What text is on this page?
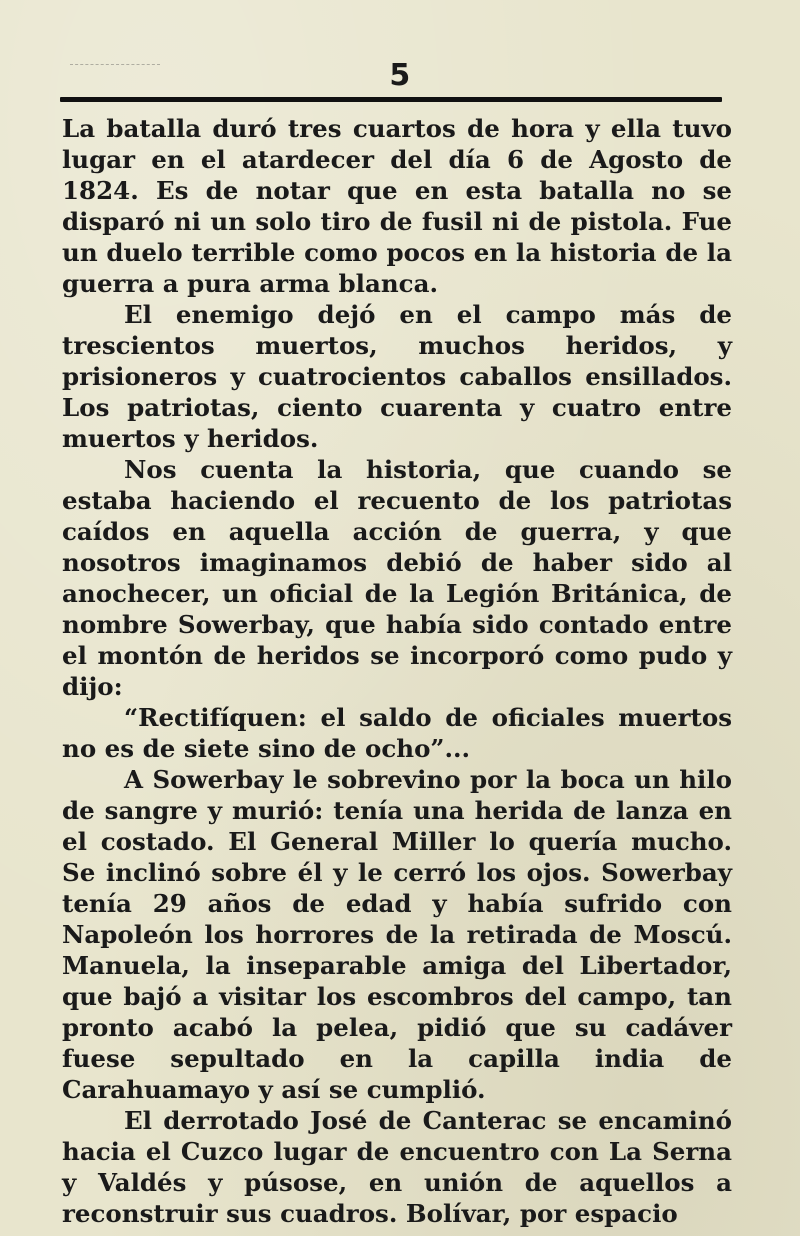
5

La batalla duró tres cuartos de hora y ella tuvo lugar en el atardecer del día 6 de Agosto de 1824. Es de notar que en esta batalla no se disparó ni un solo tiro de fusil ni de pistola. Fue un duelo terrible como pocos en la historia de la guerra a pura arma blanca.

El enemigo dejó en el campo más de trescientos muertos, muchos heridos, y prisioneros y cuatrocientos caballos ensillados. Los patriotas, ciento cuarenta y cuatro entre muertos y heridos.

Nos cuenta la historia, que cuando se estaba haciendo el recuento de los patriotas caídos en aquella acción de guerra, y que nosotros imaginamos debió de haber sido al anochecer, un oficial de la Legión Británica, de nombre Sowerbay, que había sido contado entre el montón de heridos se incorporó como pudo y dijo:

“Rectifíquen: el saldo de oficiales muertos no es de siete sino de ocho”...

A Sowerbay le sobrevino por la boca un hilo de sangre y murió: tenía una herida de lanza en el costado. El General Miller lo quería mucho. Se inclinó sobre él y le cerró los ojos. Sowerbay tenía 29 años de edad y había sufrido con Napoleón los horrores de la retirada de Moscú. Manuela, la inseparable amiga del Libertador, que bajó a visitar los escombros del campo, tan pronto acabó la pelea, pidió que su cadáver fuese sepultado en la capilla india de Carahuamayo y así se cumplió.

El derrotado José de Canterac se encaminó hacia el Cuzco lugar de encuentro con La Serna y Valdés y púsose, en unión de aquellos a reconstruir sus cuadros. Bolívar, por espacio
